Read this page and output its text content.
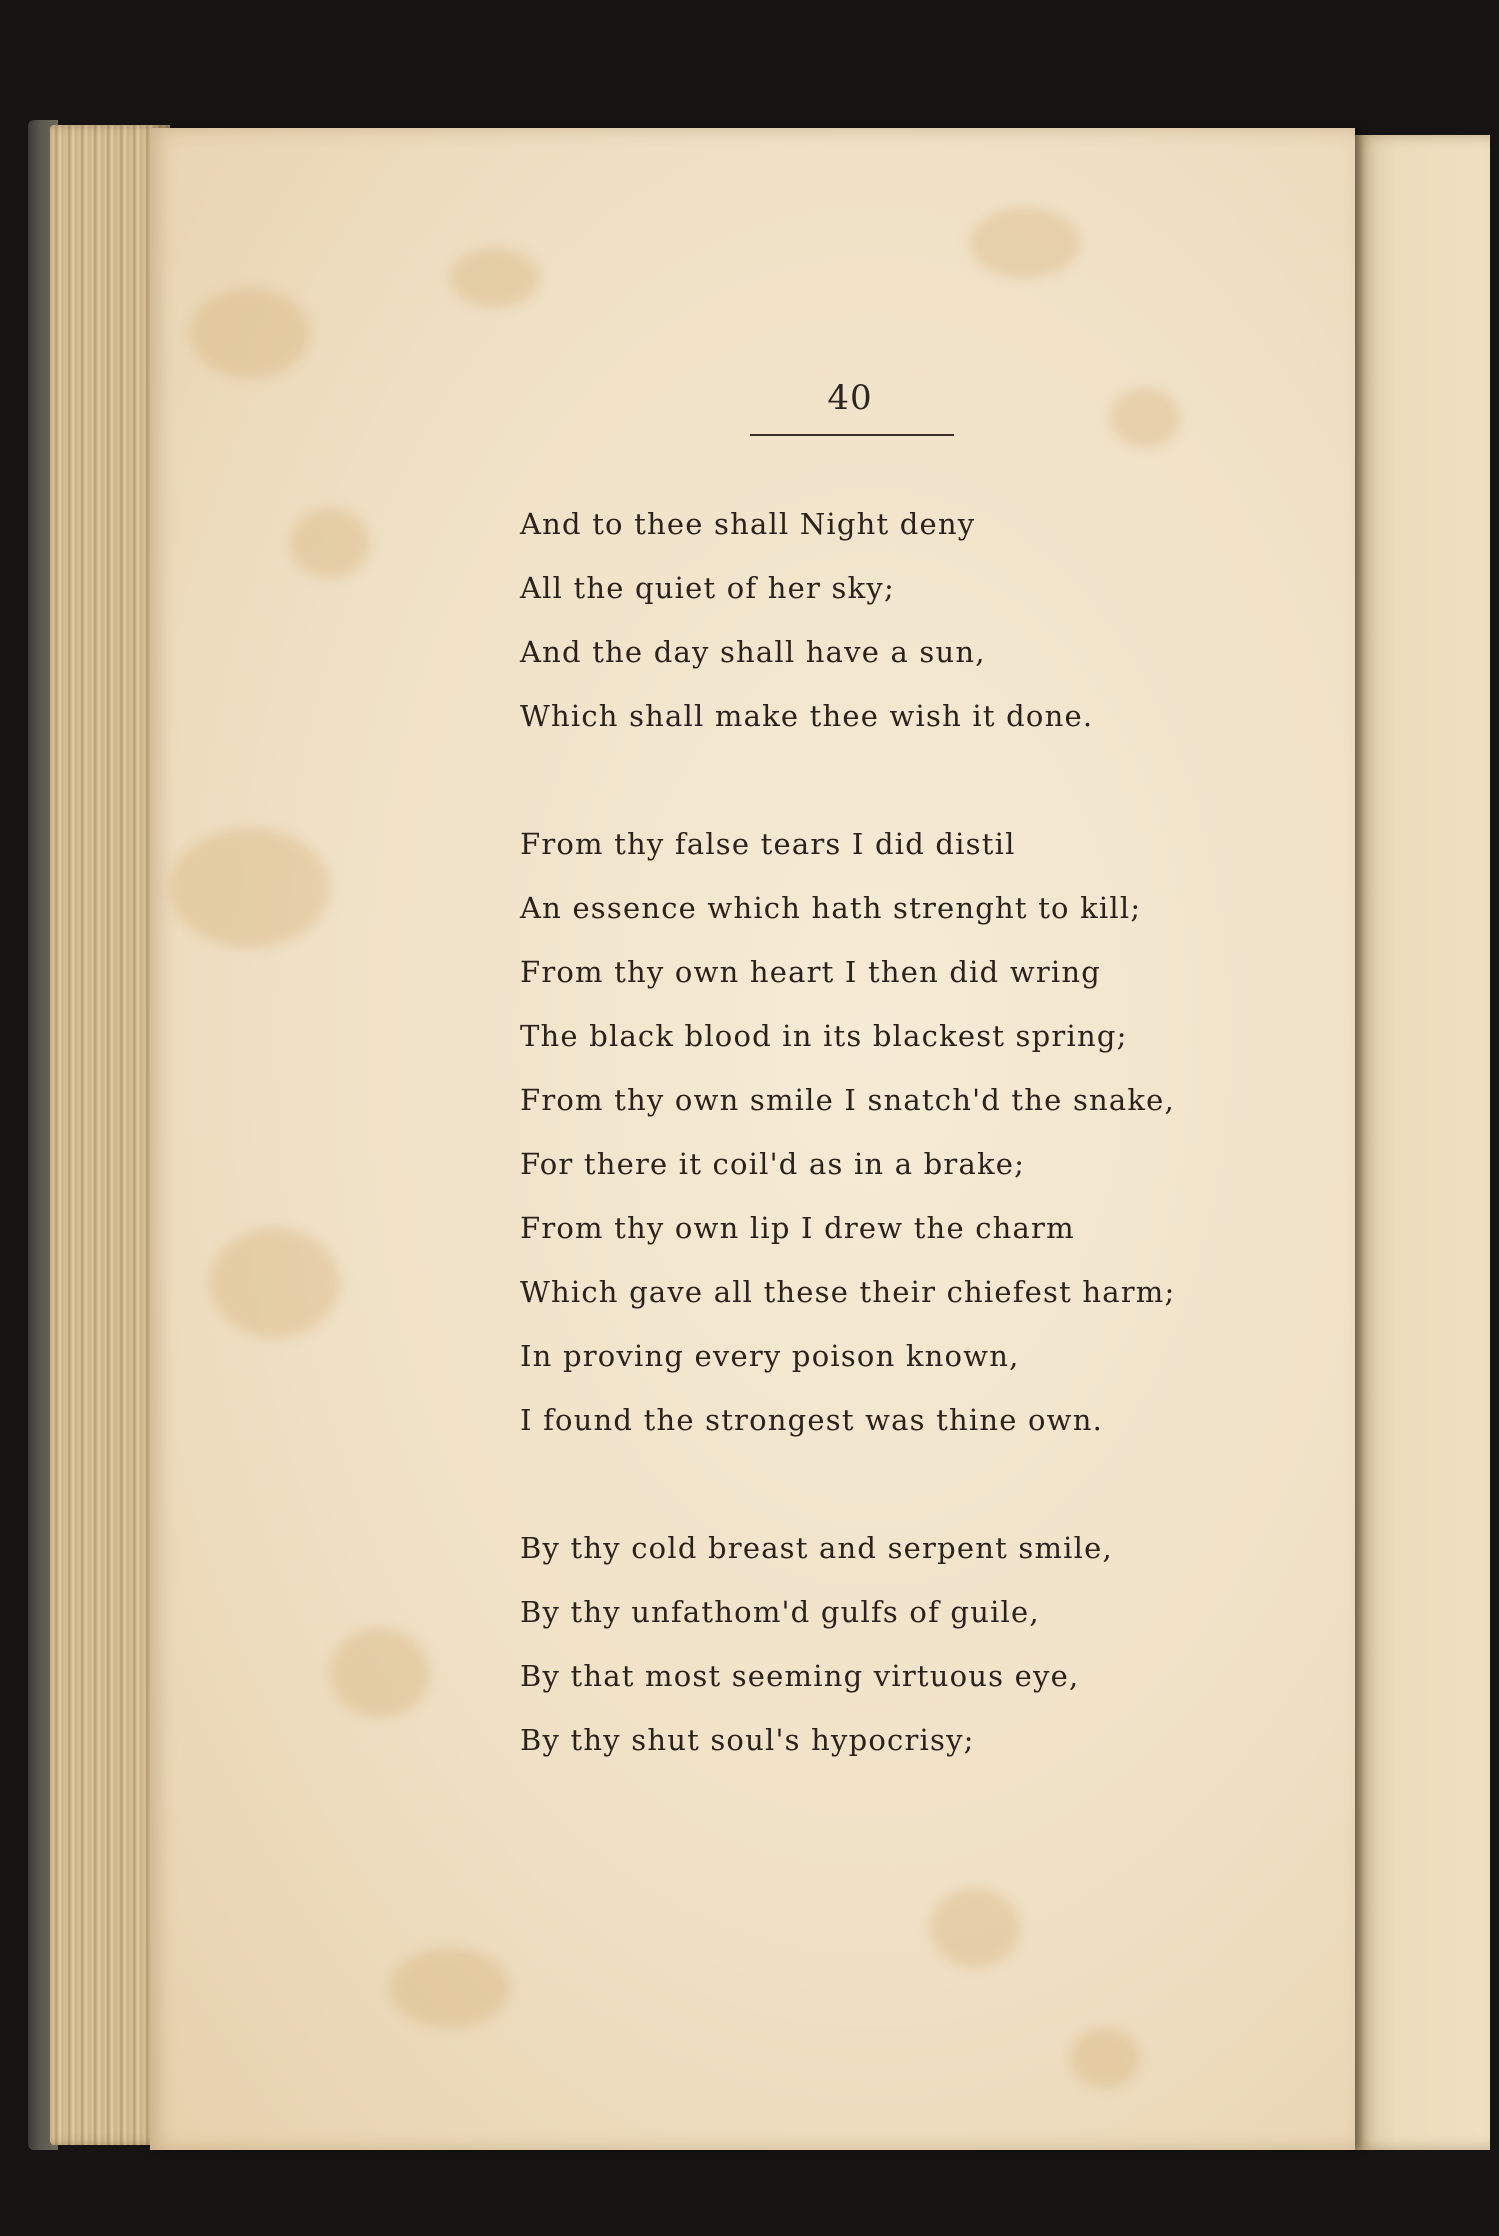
40
And to thee shall Night deny
All the quiet of her sky;
And the day shall have a sun,
Which shall make thee wish it done.
From thy false tears I did distil
An essence which hath strenght to kill;
From thy own heart I then did wring
The black blood in its blackest spring;
From thy own smile I snatch'd the snake,
For there it coil'd as in a brake;
From thy own lip I drew the charm
Which gave all these their chiefest harm;
In proving every poison known,
I found the strongest was thine own.
By thy cold breast and serpent smile,
By thy unfathom'd gulfs of guile,
By that most seeming virtuous eye,
By thy shut soul's hypocrisy;
